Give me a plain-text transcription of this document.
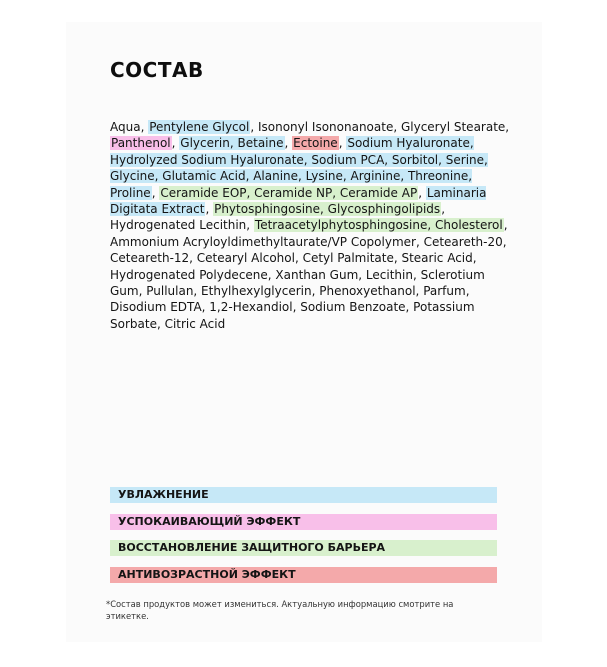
СОСТАВ

Aqua, Pentylene Glycol, Isononyl Isononanoate, Glyceryl Stearate, Panthenol, Glycerin, Betaine, Ectoine, Sodium Hyaluronate, Hydrolyzed Sodium Hyaluronate, Sodium PCA, Sorbitol, Serine, Glycine, Glutamic Acid, Alanine, Lysine, Arginine, Threonine, Proline, Ceramide EOP, Ceramide NP, Ceramide AP, Laminaria Digitata Extract, Phytosphingosine, Glycosphingolipids, Hydrogenated Lecithin, Tetraacetylphytosphingosine, Cholesterol, Ammonium Acryloyldimethyltaurate/VP Copolymer, Ceteareth-20, Ceteareth-12, Cetearyl Alcohol, Cetyl Palmitate, Stearic Acid, Hydrogenated Polydecene, Xanthan Gum, Lecithin, Sclerotium Gum, Pullulan, Ethylhexylglycerin, Phenoxyethanol, Parfum, Disodium EDTA, 1,2-Hexandiol, Sodium Benzoate, Potassium Sorbate, Citric Acid

УВЛАЖНЕНИЕ
УСПОКАИВАЮЩИЙ ЭФФЕКТ
ВОССТАНОВЛЕНИЕ ЗАЩИТНОГО БАРЬЕРА
АНТИВОЗРАСТНОЙ ЭФФЕКТ

*Состав продуктов может измениться. Актуальную информацию смотрите на этикетке.
